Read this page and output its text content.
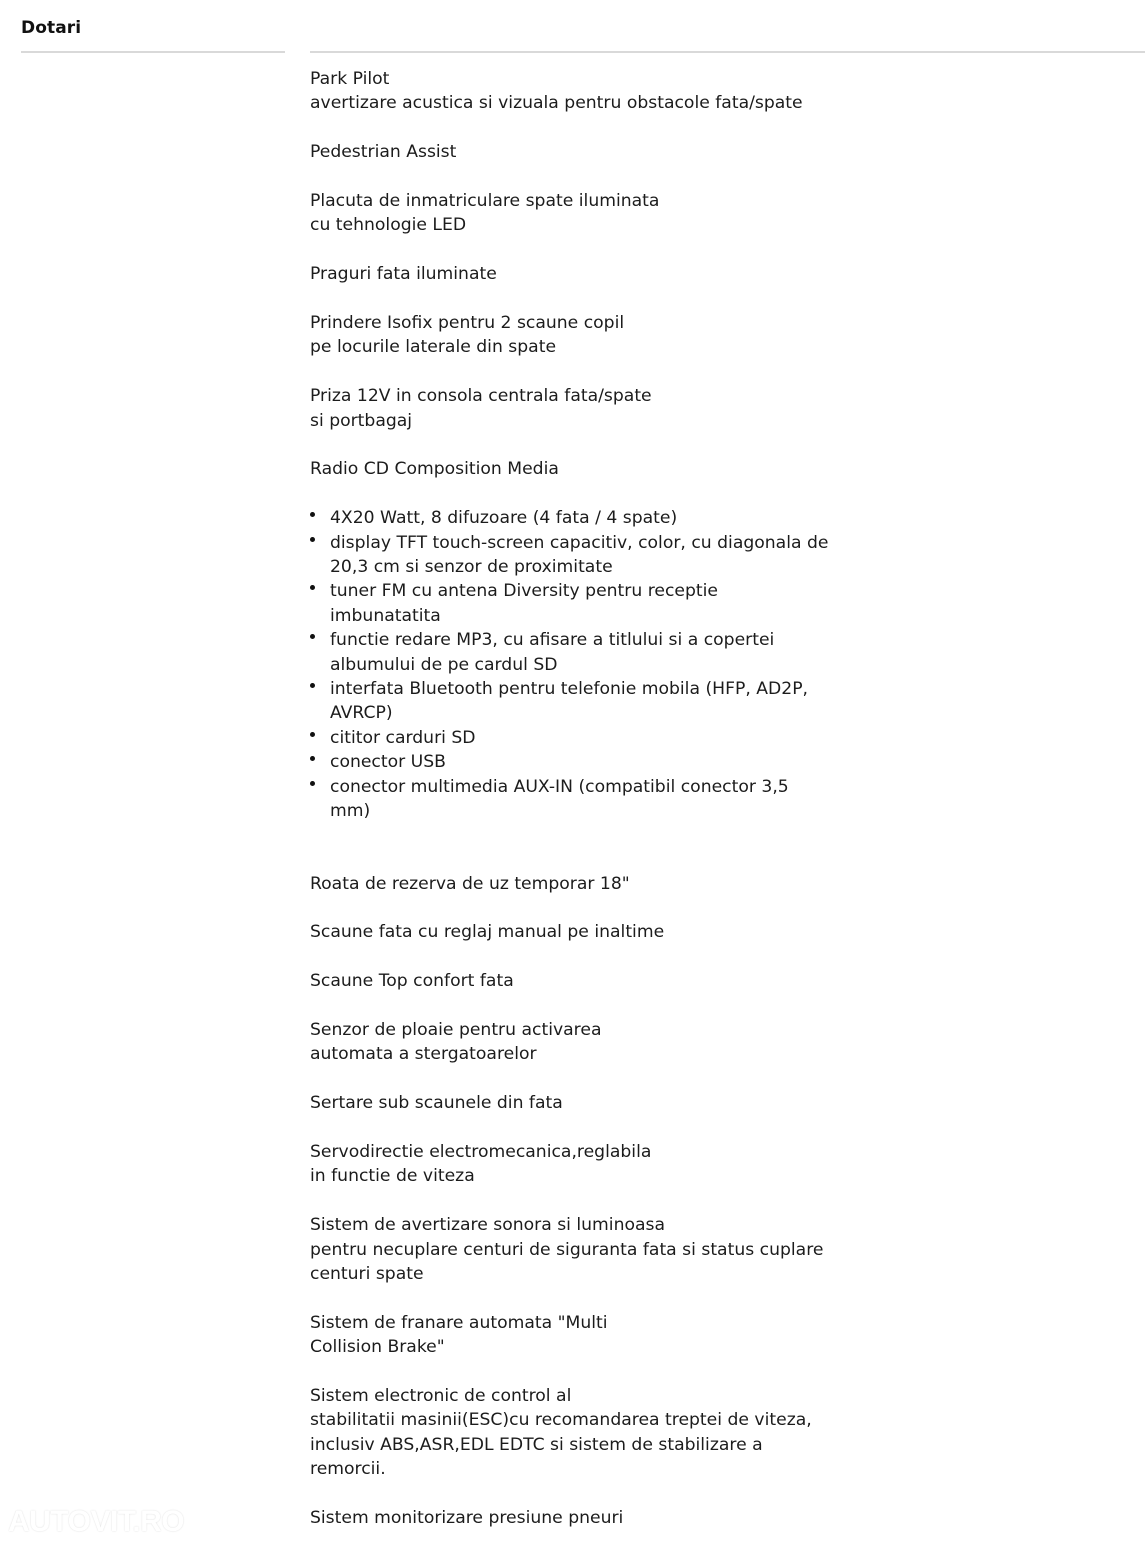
Dotari
Park Pilot
avertizare acustica si vizuala pentru obstacole fata/spate
Pedestrian Assist
Placuta de inmatriculare spate iluminata
cu tehnologie LED
Praguri fata iluminate
Prindere Isofix pentru 2 scaune copil
pe locurile laterale din spate
Priza 12V in consola centrala fata/spate
si portbagaj
Radio CD Composition Media

4X20 Watt, 8 difuzoare (4 fata / 4 spate)
display TFT touch-screen capacitiv, color, cu diagonala de 20,3 cm si senzor de proximitate
tuner FM cu antena Diversity pentru receptie imbunatatita
functie redare MP3, cu afisare a titlului si a copertei albumului de pe cardul SD
interfata Bluetooth pentru telefonie mobila (HFP, AD2P, AVRCP)
cititor carduri SD
conector USB
conector multimedia AUX-IN (compatibil conector 3,5 mm)
Roata de rezerva de uz temporar 18"
Scaune fata cu reglaj manual pe inaltime
Scaune Top confort fata
Senzor de ploaie pentru activarea
automata a stergatoarelor
Sertare sub scaunele din fata
Servodirectie electromecanica,reglabila
in functie de viteza
Sistem de avertizare sonora si luminoasa
pentru necuplare centuri de siguranta fata si status cuplare
centuri spate
Sistem de franare automata "Multi
Collision Brake"
Sistem electronic de control al
stabilitatii masinii(ESC)cu recomandarea treptei de viteza,
inclusiv ABS,ASR,EDL EDTC si sistem de stabilizare a
remorcii.
Sistem monitorizare presiune pneuri
AUTOVIT.RO
